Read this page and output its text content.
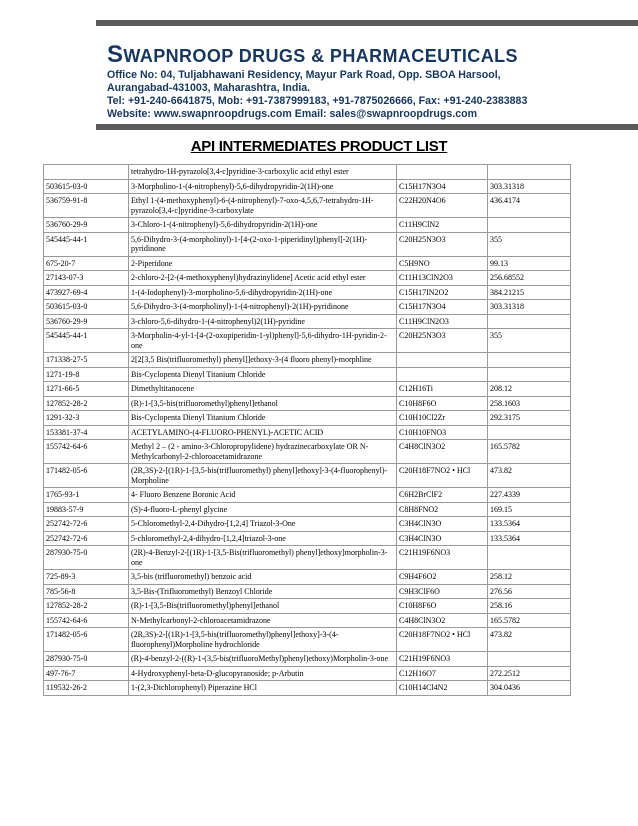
SWAPNROOP DRUGS & PHARMACEUTICALS
Office No: 04, Tuljabhawani Residency, Mayur Park Road, Opp. SBOA Harsool,
Aurangabad-431003, Maharashtra, India.
Tel: +91-240-6641875, Mob: +91-7387999183, +91-7875026666, Fax: +91-240-2383883
Website: www.swapnroopdrugs.com Email: sales@swapnroopdrugs.com
API INTERMEDIATES PRODUCT LIST
	tetrahydro-1H-pyrazolo[3,4-c]pyridine-3-carboxylic acid ethyl ester		
503615-03-0	3-Morpholino-1-(4-nitrophenyl)-5,6-dihydropyridin-2(1H)-one	C15H17N3O4	303.31318
536759-91-8	Ethyl 1-(4-methoxyphenyl)-6-(4-nitrophenyl)-7-oxo-4,5,6,7-tetrahydro-1H-pyrazolo[3,4-c]pyridine-3-carboxylate	C22H20N4O6	436.4174
536760-29-9	3-Chloro-1-(4-nitrophenyl)-5,6-dihydropyridin-2(1H)-one	C11H9ClN2	
545445-44-1	5,6-Dihydro-3-(4-morpholinyl)-1-[4-(2-oxo-1-piperidinyl)phenyl]-2(1H)-pyridinone	C20H25N3O3	355
675-20-7	2-Piperidone	C5H9NO	99.13
27143-07-3	2-chloro-2-[2-(4-methoxyphenyl)hydrazinylidene] Acetic acid ethyl ester	C11H13ClN2O3	256.68552
473927-69-4	1-(4-Iodophenyl)-3-morpholino-5,6-dihydropyridin-2(1H)-one	C15H17IN2O2	384.21215
503615-03-0	5,6-Dihydro-3-(4-morpholinyl)-1-(4-nitrophenyl)-2(1H)-pyridinone	C15H17N3O4	303.31318
536760-29-9	3-chloro-5,6-dihydro-1-(4-nitrophenyl)2(1H)-pyridine	C11H9ClN2O3	
545445-44-1	3-Morpholin-4-yl-1-[4-(2-oxopiperidin-1-yl)phenyl]-5,6-dihydro-1H-pyridin-2-one	C20H25N3O3	355
171338-27-5	2[2[3,5 Bis(trifluoromethyl) phenyl]]ethoxy-3-(4 fluoro phenyl)-morphline		
1271-19-8	Bis-Cyclopenta Dienyl Titanium Chloride		
1271-66-5	Dimethyltitanocene	C12H16Ti	208.12
127852-28-2	(R)-1-[3,5-bis(trifluoromethyl)phenyl]ethanol	C10H8F6O	258.1603
1291-32-3	Bis-Cyclopenta Dienyl Titanium Chloride	C10H10Cl2Zr	292.3175
153381-37-4	ACETYLAMINO-(4-FLUORO-PHENYL)-ACETIC ACID	C10H10FNO3	
155742-64-6	Methyl 2 – (2 - amino-3-Chloropropylidene) hydrazinecarboxylate OR N-Methylcarbonyl-2-chloroacetamidrazone	C4H8ClN3O2	165.5782
171482-05-6	(2R,3S)-2-[(1R)-1-[3,5-bis(trifluoromethyl) phenyl]ethoxy]-3-(4-fluorophenyl)-Morpholine	C20H18F7NO2 • HCl	473.82
1765-93-1	4- Fluoro Benzene Boronic Acid	C6H2BrClF2	227.4339
19883-57-9	(S)-4-fluoro-L-phenyl glycine	C8H8FNO2	169.15
252742-72-6	5-Chloromethyl-2,4-Dihydro-[1,2,4] Triazol-3-One	C3H4ClN3O	133.5364
252742-72-6	5-chloromethyl-2,4-dihydro-[1,2,4]triazol-3-one	C3H4ClN3O	133.5364
287930-75-0	(2R)-4-Benzyl-2-[(1R)-1-[3,5-Bis(trifluoromethyl) phenyl]ethoxy]morpholin-3-one	C21H19F6NO3	
725-89-3	3,5-bis (trifluoromethyl) benzoic acid	C9H4F6O2	258.12
785-56-8	3,5-Bis-(Trifluoromethyl) Benzoyl Chloride	C9H3ClF6O	276.56
127852-28-2	(R)-1-[3,5-Bis(trifluoromethyl)phenyl]ethanol	C10H8F6O	258.16
155742-64-6	N-Methylcarbonyl-2-chloroacetamidrazone	C4H8ClN3O2	165.5782
171482-05-6	(2R,3S)-2-[(1R)-1-[3,5-bis(trifluoromethyl)phenyl]ethoxy]-3-(4-fluorophenyl)Morpholine hydrochloride	C20H18F7NO2 • HCl	473.82
287930-75-0	(R)-4-benzyl-2-((R)-1-(3,5-bis(trifluoroMethyl)phenyl)ethoxy)Morpholin-3-one	C21H19F6NO3	
497-76-7	4-Hydroxyphenyl-beta-D-glucopyranoside; p-Arbutin	C12H16O7	272.2512
119532-26-2	1-(2,3-Dichlorophenyl) Piperazine HCl	C10H14Cl4N2	304.0436
